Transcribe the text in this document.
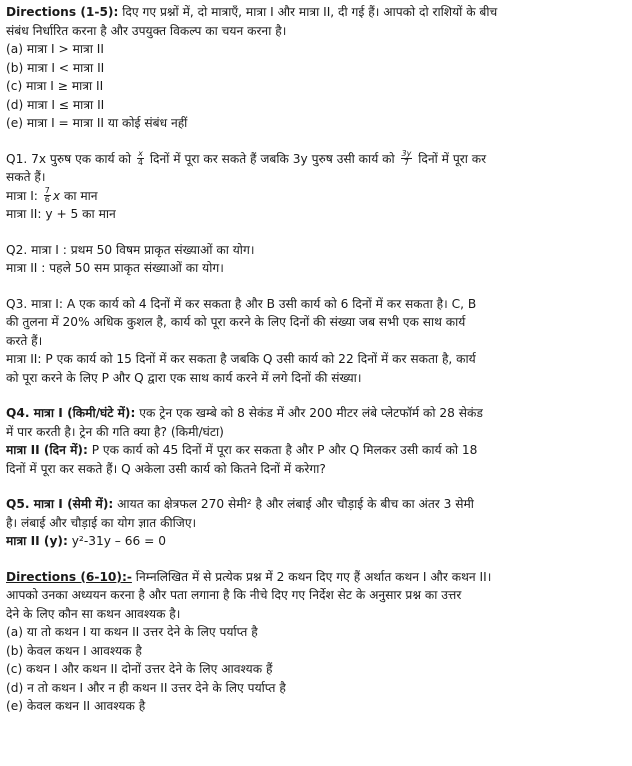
Directions (1-5): दिए गए प्रश्नों में, दो मात्राएँ, मात्रा I और मात्रा II, दी गई हैं। आपको दो राशियों के बीच
संबंध निर्धारित करना है और उपयुक्त विकल्प का चयन करना है।
(a) मात्रा I > मात्रा II
(b) मात्रा I < मात्रा II
(c) मात्रा I ≥ मात्रा II
(d) मात्रा I ≤ मात्रा II
(e) मात्रा I = मात्रा II या कोई संबंध नहीं
Q1. 7x पुरुष एक कार्य को $\frac{x}{4}$ दिनों में पूरा कर सकते हैं जबकि 3y पुरुष उसी कार्य को $\frac{3y}{7}$ दिनों में पूरा कर
सकते हैं।
मात्रा I: $\frac{7}{6}$ x का मान
मात्रा II: y + 5 का मान
Q2. मात्रा I : प्रथम 50 विषम प्राकृत संख्याओं का योग।
मात्रा II : पहले 50 सम प्राकृत संख्याओं का योग।
Q3. मात्रा I: A एक कार्य को 4 दिनों में कर सकता है और B उसी कार्य को 6 दिनों में कर सकता है। C, B
की तुलना में 20% अधिक कुशल है, कार्य को पूरा करने के लिए दिनों की संख्या जब सभी एक साथ कार्य
करते हैं।
मात्रा II: P एक कार्य को 15 दिनों में कर सकता है जबकि Q उसी कार्य को 22 दिनों में कर सकता है, कार्य
को पूरा करने के लिए P और Q द्वारा एक साथ कार्य करने में लगे दिनों की संख्या।
Q4. मात्रा I (किमी/घंटे में): एक ट्रेन एक खम्बे को 8 सेकंड में और 200 मीटर लंबे प्लेटफॉर्म को 28 सेकंड
में पार करती है। ट्रेन की गति क्या है? (किमी/घंटा)
मात्रा II (दिन में): P एक कार्य को 45 दिनों में पूरा कर सकता है और P और Q मिलकर उसी कार्य को 18
दिनों में पूरा कर सकते हैं। Q अकेला उसी कार्य को कितने दिनों में करेगा?
Q5. मात्रा I (सेमी में): आयत का क्षेत्रफल 270 सेमी² है और लंबाई और चौड़ाई के बीच का अंतर 3 सेमी
है। लंबाई और चौड़ाई का योग ज्ञात कीजिए।
मात्रा II (y): y²-31y – 66 = 0
Directions (6-10):- निम्नलिखित में से प्रत्येक प्रश्न में 2 कथन दिए गए हैं अर्थात कथन I और कथन II।
आपको उनका अध्ययन करना है और पता लगाना है कि नीचे दिए गए निर्देश सेट के अनुसार प्रश्न का उत्तर
देने के लिए कौन सा कथन आवश्यक है।
(a) या तो कथन I या कथन II उत्तर देने के लिए पर्याप्त है
(b) केवल कथन I आवश्यक है
(c) कथन I और कथन II दोनों उत्तर देने के लिए आवश्यक हैं
(d) न तो कथन I और न ही कथन II उत्तर देने के लिए पर्याप्त है
(e) केवल कथन II आवश्यक है
